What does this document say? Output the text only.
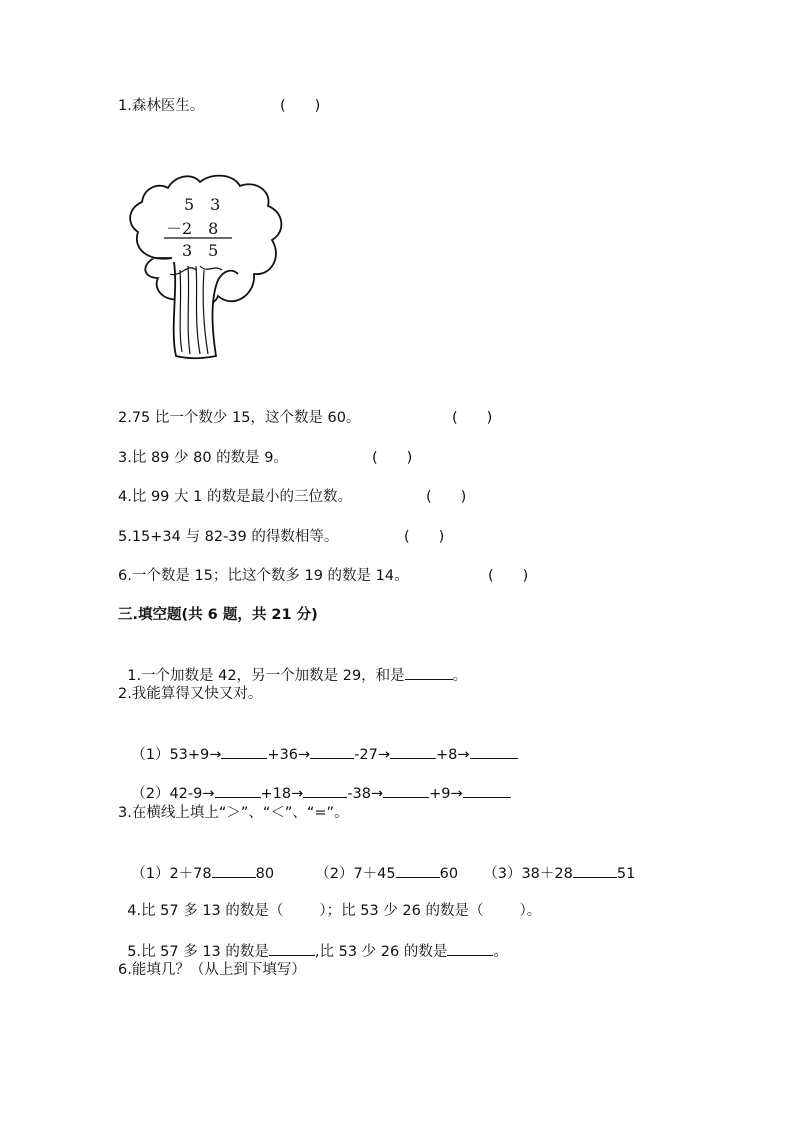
1.森林医生。	(　　)
5　3
－2　8
3　5
2.75 比一个数少 15，这个数是 60。	(　　)
3.比 89 少 80 的数是 9。	(　　)
4.比 99 大 1 的数是最小的三位数。	(　　)
5.15+34 与 82-39 的得数相等。	(　　)
6.一个数是 15；比这个数多 19 的数是 14。	(　　)
三.填空题(共 6 题，共 21 分)

1.一个加数是 42，另一个加数是 29，和是	。

2.我能算得又快又对。

（1）53+9→	+36→	-27→	+8→

（2）42-9→	+18→	-38→	+9→

3.在横线上填上“＞”、“＜”、“=”。

（1）2＋78	80	（2）7＋45	60	（3）38＋28	51

4.比 57 多 13 的数是（ ）；比 53 少 26 的数是（ ）。

5.比 57 多 13 的数是	,比 53 少 26 的数是	。

6.能填几？（从上到下填写）
